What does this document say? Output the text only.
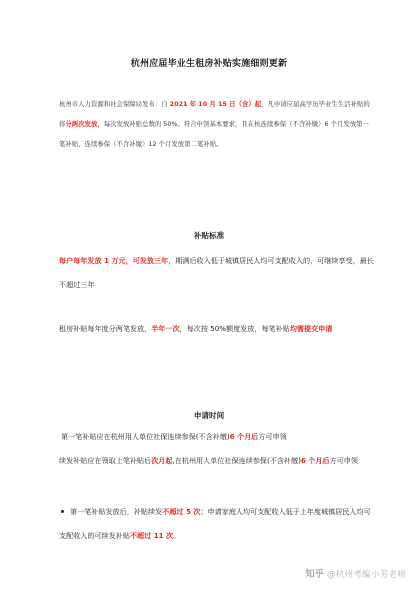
杭州应届毕业生租房补贴实施细则更新
杭州市人力资源和社会保障局发布：自 2021 年 10 月 15 日（含）起，凡申请应届高学历毕业生生活补贴的将分两次发放，每次发放补贴总数的 50%。符合申领基本要求，且在杭连续参保（不含补缴）6 个月发放第一笔补贴、连续参保（不含补缴）12 个月发放第二笔补贴。
补贴标准
每户每年发放 1 万元，可发放三年，期满后收入低于城镇居民人均可支配收入的，可继续享受，最长不超过三年
租房补贴每年度分两笔发放，半年一次，每次按 50%额度发放，每笔补贴均需提交申请
申请时间
第一笔补贴应在杭州用人单位社保连续参保(不含补缴)6 个月后方可申领
续发补贴应在领取上笔补贴后次月起,在杭州用人单位社保连续参保(不含补缴)6 个月后方可申领
第一笔补贴发放后，补贴续发不超过 5 次；申请家庭人均可支配收入低于上年度城镇居民人均可支配收入的可续发补贴不超过 11 次。
知乎 @杭州考编小芳老师
